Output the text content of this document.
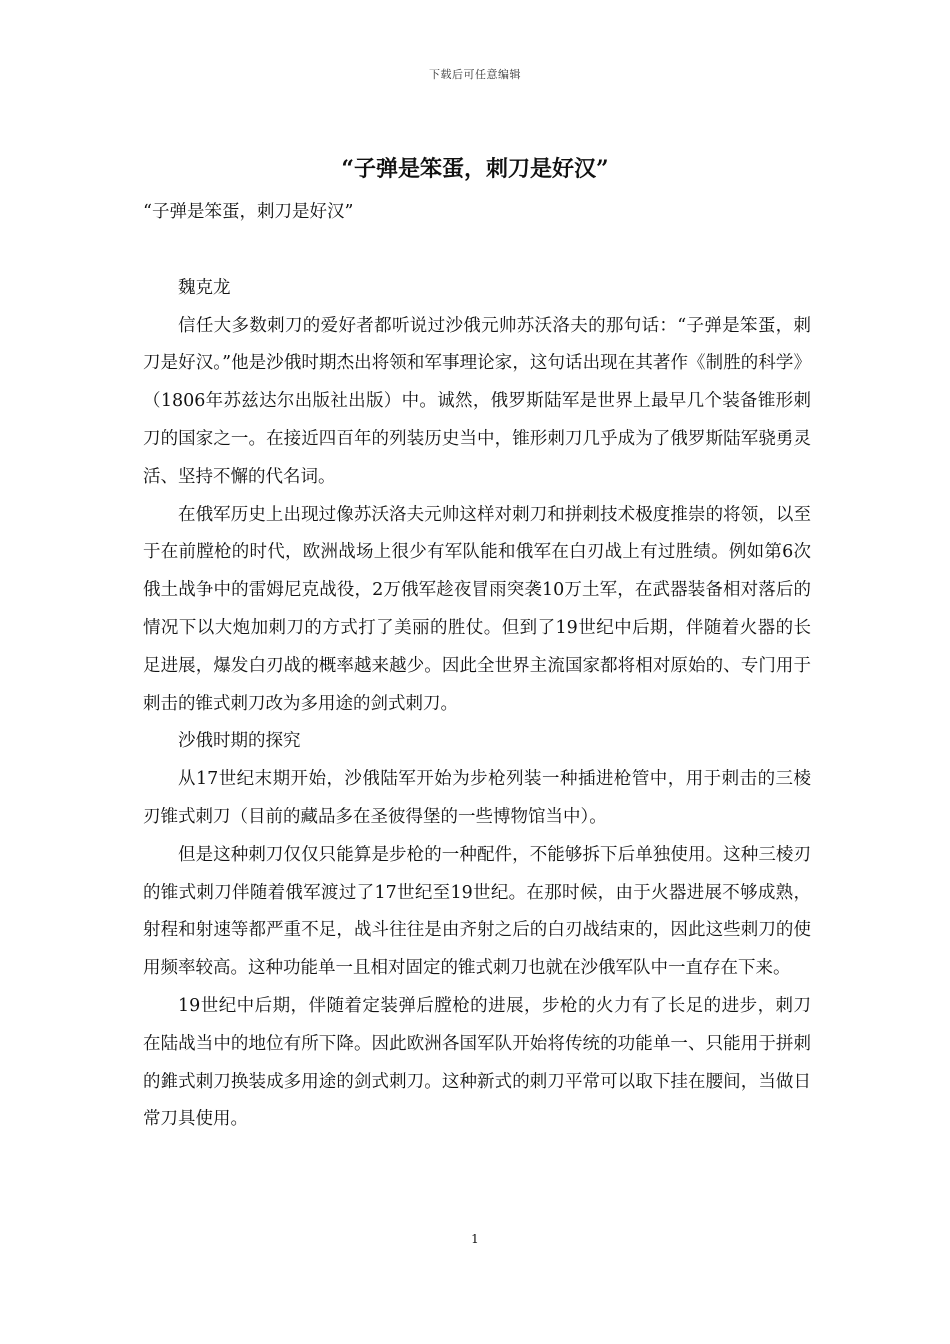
下载后可任意编辑
“子弹是笨蛋，刺刀是好汉”

“子弹是笨蛋，刺刀是好汉”

魏克龙

信任大多数刺刀的爱好者都听说过沙俄元帅苏沃洛夫的那句话：“子弹是笨蛋，刺刀是好汉。”他是沙俄时期杰出将领和军事理论家，这句话出现在其著作《制胜的科学》（1806年苏兹达尔出版社出版）中。诚然，俄罗斯陆军是世界上最早几个装备锥形刺刀的国家之一。在接近四百年的列装历史当中，锥形刺刀几乎成为了俄罗斯陆军骁勇灵活、坚持不懈的代名词。

在俄军历史上出现过像苏沃洛夫元帅这样对刺刀和拼刺技术极度推崇的将领，以至于在前膛枪的时代，欧洲战场上很少有军队能和俄军在白刃战上有过胜绩。例如第6次俄土战争中的雷姆尼克战役，2万俄军趁夜冒雨突袭10万土军，在武器装备相对落后的情况下以大炮加刺刀的方式打了美丽的胜仗。但到了19世纪中后期，伴随着火器的长足进展，爆发白刃战的概率越来越少。因此全世界主流国家都将相对原始的、专门用于刺击的锥式刺刀改为多用途的剑式刺刀。

沙俄时期的探究

从17世纪末期开始，沙俄陆军开始为步枪列装一种插进枪管中，用于刺击的三棱刃锥式刺刀（目前的藏品多在圣彼得堡的一些博物馆当中）。

但是这种刺刀仅仅只能算是步枪的一种配件，不能够拆下后单独使用。这种三棱刃的锥式刺刀伴随着俄军渡过了17世纪至19世纪。在那时候，由于火器进展不够成熟，射程和射速等都严重不足，战斗往往是由齐射之后的白刃战结束的，因此这些刺刀的使用频率较高。这种功能单一且相对固定的锥式刺刀也就在沙俄军队中一直存在下来。

19世纪中后期，伴随着定装弹后膛枪的进展，步枪的火力有了长足的进步，刺刀在陆战当中的地位有所下降。因此欧洲各国军队开始将传统的功能单一、只能用于拼刺的錐式刺刀换装成多用途的剑式刺刀。这种新式的刺刀平常可以取下挂在腰间，当做日常刀具使用。

1
